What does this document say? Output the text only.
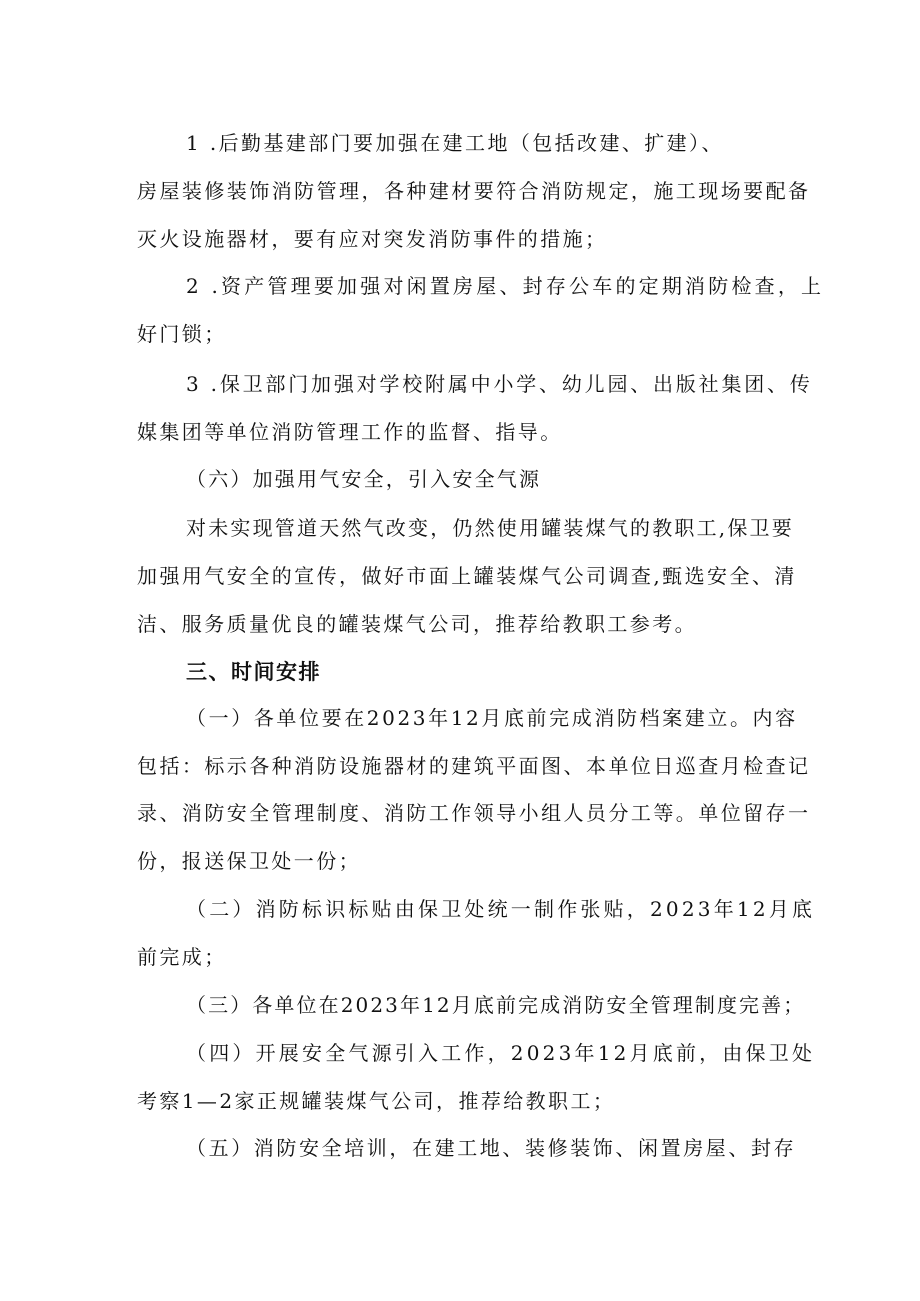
1 .后勤基建部门要加强在建工地（包括改建、扩建）、
房屋装修装饰消防管理，各种建材要符合消防规定，施工现场要配备
灭火设施器材，要有应对突发消防事件的措施；
2 .资产管理要加强对闲置房屋、封存公车的定期消防检查，上
好门锁；
3 .保卫部门加强对学校附属中小学、幼儿园、出版社集团、传
媒集团等单位消防管理工作的监督、指导。
（六）加强用气安全，引入安全气源
对未实现管道天然气改变，仍然使用罐装煤气的教职工,保卫要
加强用气安全的宣传，做好市面上罐装煤气公司调查,甄选安全、清
洁、服务质量优良的罐装煤气公司，推荐给教职工参考。
三、时间安排
（一）各单位要在2023年12月底前完成消防档案建立。内容
包括：标示各种消防设施器材的建筑平面图、本单位日巡查月检查记
录、消防安全管理制度、消防工作领导小组人员分工等。单位留存一
份，报送保卫处一份；
（二）消防标识标贴由保卫处统一制作张贴，2023年12月底
前完成；
（三）各单位在2023年12月底前完成消防安全管理制度完善；
（四）开展安全气源引入工作，2023年12月底前，由保卫处
考察1—2家正规罐装煤气公司，推荐给教职工；
（五）消防安全培训，在建工地、装修装饰、闲置房屋、封存
